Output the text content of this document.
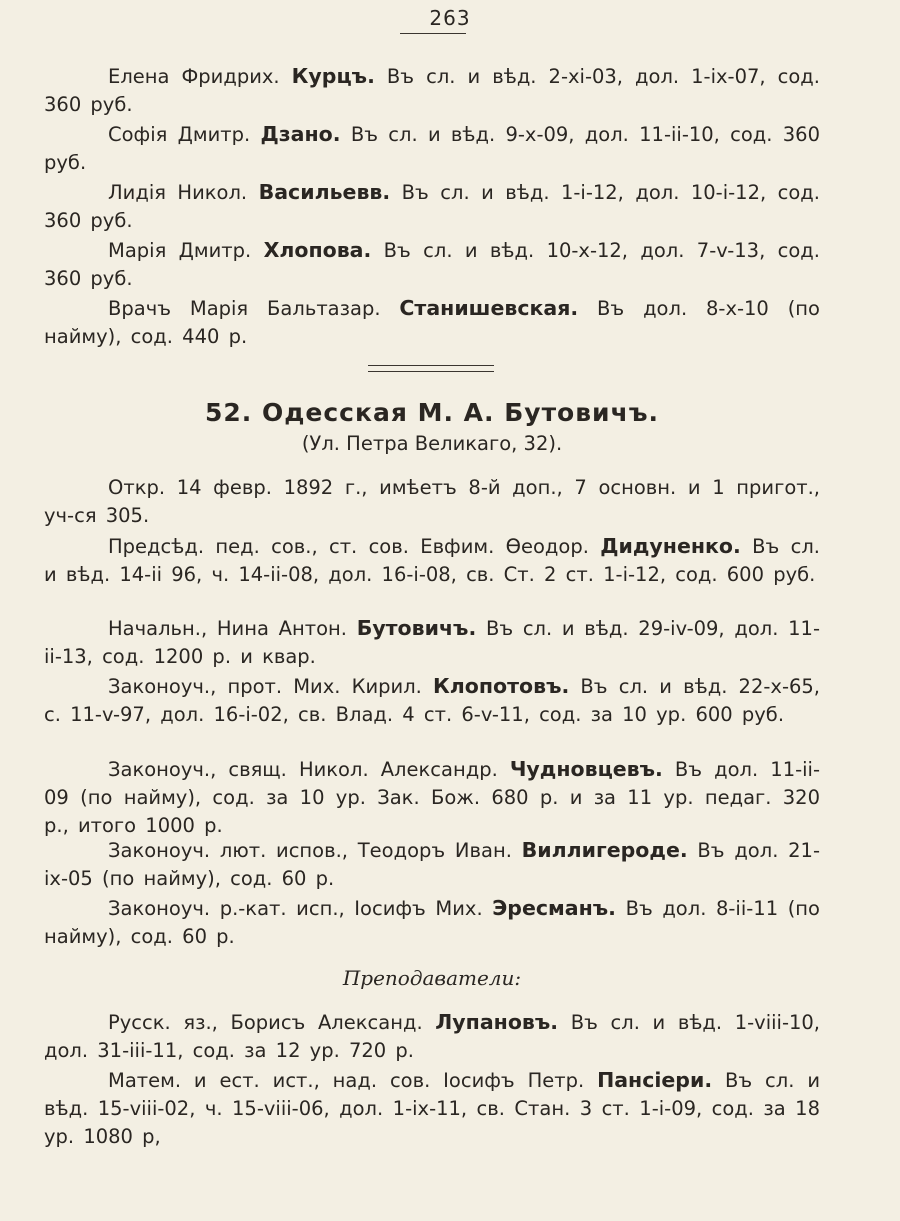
263
Елена Фридрих. Курцъ. Въ сл. и вѣд. 2-xi-03, дол. 1-ix-07, сод. 360 руб.
Софія Дмитр. Дзано. Въ сл. и вѣд. 9-x-09, дол. 11-ii-10, сод. 360 руб.
Лидія Никол. Васильевв. Въ сл. и вѣд. 1-i-12, дол. 10-i-12, сод. 360 руб.
Марія Дмитр. Хлопова. Въ сл. и вѣд. 10-x-12, дол. 7-v-13, сод. 360 руб.
Врачъ Марія Бальтазар. Станишевская. Въ дол. 8-x-10 (по найму), сод. 440 р.
52. Одесская М. А. Бутовичъ.
(Ул. Петра Великаго, 32).
Откр. 14 февр. 1892 г., имѣетъ 8-й доп., 7 основн. и 1 пригот., уч-ся 305.
Предсѣд. пед. сов., ст. сов. Евфим. Өеодор. Дидуненко. Въ сл. и вѣд. 14-ii 96, ч. 14-ii-08, дол. 16-i-08, св. Ст. 2 ст. 1-i-12, сод. 600 руб.
Начальн., Нина Антон. Бутовичъ. Въ сл. и вѣд. 29-iv-09, дол. 11-ii-13, сод. 1200 р. и квар.
Законоуч., прот. Мих. Кирил. Клопотовъ. Въ сл. и вѣд. 22-x-65, с. 11-v-97, дол. 16-i-02, св. Влад. 4 ст. 6-v-11, сод. за 10 ур. 600 руб.
Законоуч., свящ. Никол. Александр. Чудновцевъ. Въ дол. 11-ii-09 (по найму), сод. за 10 ур. Зак. Бож. 680 р. и за 11 ур. педаг. 320 р., итого 1000 р.
Законоуч. лют. испов., Теодоръ Иван. Виллигероде. Въ дол. 21-ix-05 (по найму), сод. 60 р.
Законоуч. р.-кат. исп., Іосифъ Мих. Эресманъ. Въ дол. 8-ii-11 (по найму), сод. 60 р.
Преподаватели:
Русск. яз., Борисъ Александ. Лупановъ. Въ сл. и вѣд. 1-viii-10, дол. 31-iii-11, сод. за 12 ур. 720 р.
Матем. и ест. ист., над. сов. Іосифъ Петр. Пансіери. Въ сл. и вѣд. 15-viii-02, ч. 15-viii-06, дол. 1-ix-11, св. Стан. 3 ст. 1-i-09, сод. за 18 ур. 1080 р,
